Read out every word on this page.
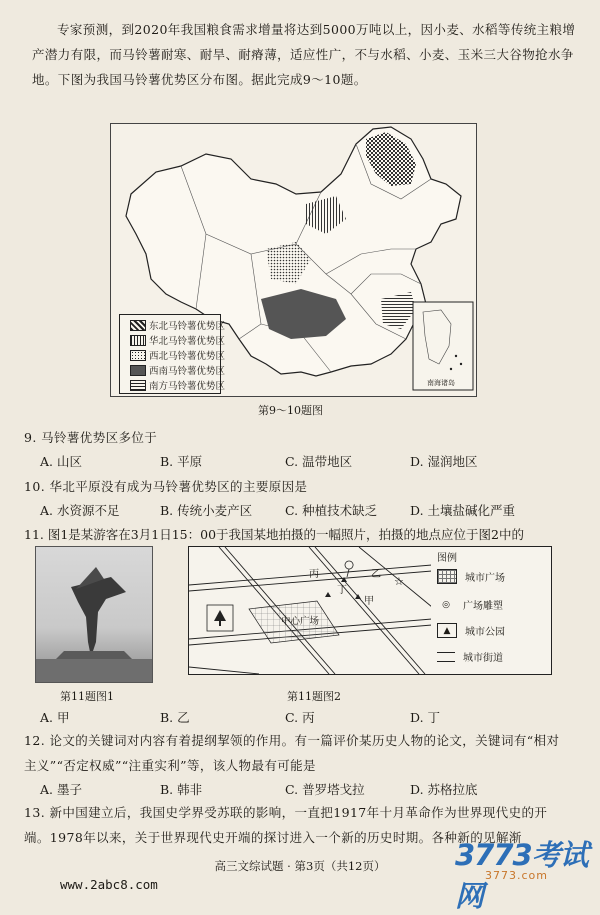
专家预测，到2020年我国粮食需求增量将达到5000万吨以上，因小麦、水稻等传统主粮增产潜力有限，而马铃薯耐寒、耐旱、耐瘠薄，适应性广，不与水稻、小麦、玉米三大谷物抢水争地。下图为我国马铃薯优势区分布图。据此完成9～10题。
东北马铃薯优势区
华北马铃薯优势区
西北马铃薯优势区
西南马铃薯优势区
南方马铃薯优势区	南海诸岛
第9～10题图
9. 马铃薯优势区多位于
A. 山区	B. 平原	C. 温带地区	D. 湿润地区
10. 华北平原没有成为马铃薯优势区的主要原因是
A. 水资源不足	B. 传统小麦产区	C. 种植技术缺乏	D. 土壤盐碱化严重
11. 图1是某游客在3月1日15：00于我国某地拍摄的一幅照片，拍摄的地点应位于图2中的
第11题图1
☆
丙	乙
丁
甲
中心广场
图例
城市广场
◎	广场雕塑
▲	城市公园
城市街道
第11题图2
A. 甲	B. 乙	C. 丙	D. 丁
12. 论文的关键词对内容有着提纲挈领的作用。有一篇评价某历史人物的论文，关键词有“相对主义”“否定权威”“注重实利”等，该人物最有可能是
A. 墨子	B. 韩非	C. 普罗塔戈拉	D. 苏格拉底
13. 新中国建立后，我国史学界受苏联的影响，一直把1917年十月革命作为世界现代史的开端。1978年以来，关于世界现代史开端的探讨进入一个新的历史时期。各种新的见解渐
高三文综试题 · 第3页（共12页）
www.2abc8.com
3773考试网
3773.com
